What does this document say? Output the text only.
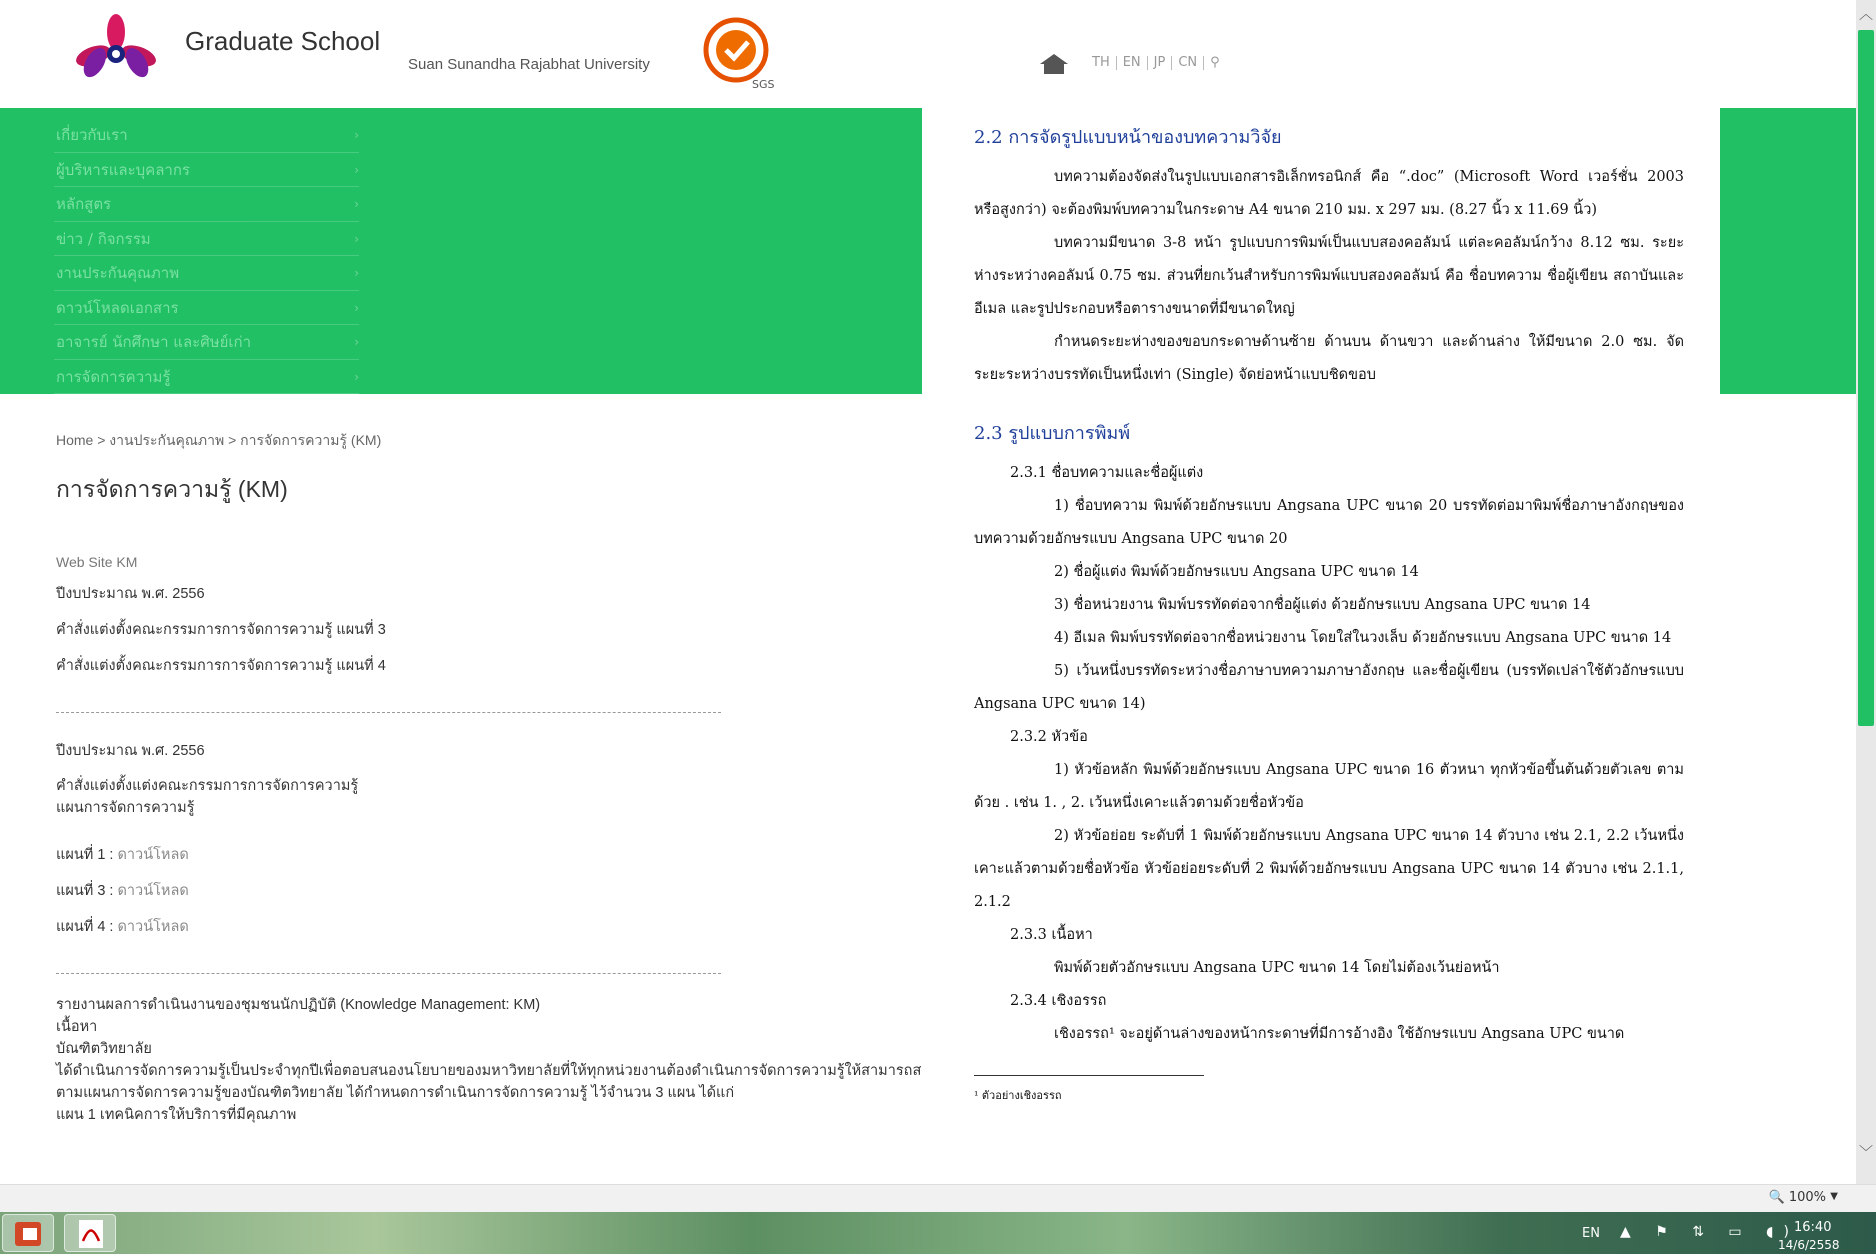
Graduate School
Suan Sunandha Rajabhat University
SGS
TH	EN	JP	CN	⚲
เกี่ยวกับเรา	›
ผู้บริหารและบุคลากร	›
หลักสูตร	›
ข่าว / กิจกรรม	›
งานประกันคุณภาพ	›
ดาวน์โหลดเอกสาร	›
อาจารย์ นักศึกษา และศิษย์เก่า	›
การจัดการความรู้	›
Home > งานประกันคุณภาพ > การจัดการความรู้ (KM)
การจัดการความรู้ (KM)
Web Site KM
ปีงบประมาณ พ.ศ. 2556
คำสั่งแต่งตั้งคณะกรรมการการจัดการความรู้ แผนที่ 3
คำสั่งแต่งตั้งคณะกรรมการการจัดการความรู้ แผนที่ 4
ปีงบประมาณ พ.ศ. 2556
คำสั่งแต่งตั้งแต่งคณะกรรมการการจัดการความรู้
แผนการจัดการความรู้
แผนที่ 1 : ดาวน์โหลด
แผนที่ 3 : ดาวน์โหลด
แผนที่ 4 : ดาวน์โหลด
รายงานผลการดำเนินงานของชุมชนนักปฏิบัติ (Knowledge Management: KM)
เนื้อหา
บัณฑิตวิทยาลัย
ได้ดำเนินการจัดการความรู้เป็นประจำทุกปีเพื่อตอบสนองนโยบายของมหาวิทยาลัยที่ให้ทุกหน่วยงานต้องดำเนินการจัดการความรู้ให้สามารถส ตามแผนการจัดการความรู้ของบัณฑิตวิทยาลัย ได้กำหนดการดำเนินการจัดการความรู้ ไว้จำนวน 3 แผน ได้แก่
แผน 1 เทคนิคการให้บริการที่มีคุณภาพ
2.2 การจัดรูปแบบหน้าของบทความวิจัย
บทความต้องจัดส่งในรูปแบบเอกสารอิเล็กทรอนิกส์ คือ “.doc” (Microsoft Word เวอร์ชั่น 2003 หรือสูงกว่า) จะต้องพิมพ์บทความในกระดาษ A4 ขนาด 210 มม. x 297 มม. (8.27 นิ้ว x 11.69 นิ้ว)
บทความมีขนาด 3-8 หน้า รูปแบบการพิมพ์เป็นแบบสองคอลัมน์ แต่ละคอลัมน์กว้าง 8.12 ซม. ระยะห่างระหว่างคอลัมน์ 0.75 ซม. ส่วนที่ยกเว้นสำหรับการพิมพ์แบบสองคอลัมน์ คือ ชื่อบทความ ชื่อผู้เขียน สถาบันและอีเมล และรูปประกอบหรือตารางขนาดที่มีขนาดใหญ่
กำหนดระยะห่างของขอบกระดาษด้านซ้าย ด้านบน ด้านขวา และด้านล่าง ให้มีขนาด 2.0 ซม. จัดระยะระหว่างบรรทัดเป็นหนึ่งเท่า (Single) จัดย่อหน้าแบบชิดขอบ
2.3 รูปแบบการพิมพ์
2.3.1 ชื่อบทความและชื่อผู้แต่ง
1) ชื่อบทความ พิมพ์ด้วยอักษรแบบ Angsana UPC ขนาด 20 บรรทัดต่อมาพิมพ์ชื่อภาษาอังกฤษของบทความด้วยอักษรแบบ Angsana UPC ขนาด 20
2) ชื่อผู้แต่ง พิมพ์ด้วยอักษรแบบ Angsana UPC ขนาด 14
3) ชื่อหน่วยงาน พิมพ์บรรทัดต่อจากชื่อผู้แต่ง ด้วยอักษรแบบ Angsana UPC ขนาด 14
4) อีเมล พิมพ์บรรทัดต่อจากชื่อหน่วยงาน โดยใส่ในวงเล็บ ด้วยอักษรแบบ Angsana UPC ขนาด 14
5) เว้นหนึ่งบรรทัดระหว่างชื่อภาษาบทความภาษาอังกฤษ และชื่อผู้เขียน (บรรทัดเปล่าใช้ตัวอักษรแบบ Angsana UPC ขนาด 14)
2.3.2 หัวข้อ
1) หัวข้อหลัก พิมพ์ด้วยอักษรแบบ Angsana UPC ขนาด 16 ตัวหนา ทุกหัวข้อขึ้นต้นด้วยตัวเลข ตามด้วย . เช่น 1. , 2. เว้นหนึ่งเคาะแล้วตามด้วยชื่อหัวข้อ
2) หัวข้อย่อย ระดับที่ 1 พิมพ์ด้วยอักษรแบบ Angsana UPC ขนาด 14 ตัวบาง เช่น 2.1, 2.2 เว้นหนึ่งเคาะแล้วตามด้วยชื่อหัวข้อ หัวข้อย่อยระดับที่ 2 พิมพ์ด้วยอักษรแบบ Angsana UPC ขนาด 14 ตัวบาง เช่น 2.1.1, 2.1.2
2.3.3 เนื้อหา
พิมพ์ด้วยตัวอักษรแบบ Angsana UPC ขนาด 14 โดยไม่ต้องเว้นย่อหน้า
2.3.4 เชิงอรรถ
เชิงอรรถ¹ จะอยู่ด้านล่างของหน้ากระดาษที่มีการอ้างอิง ใช้อักษรแบบ Angsana UPC ขนาด
¹ ตัวอย่างเชิงอรรถ
︿
﹀
🔍 100% ▼
EN ▲ ⚑ ⇅ ▭ ◖)
16:40
14/6/2558
